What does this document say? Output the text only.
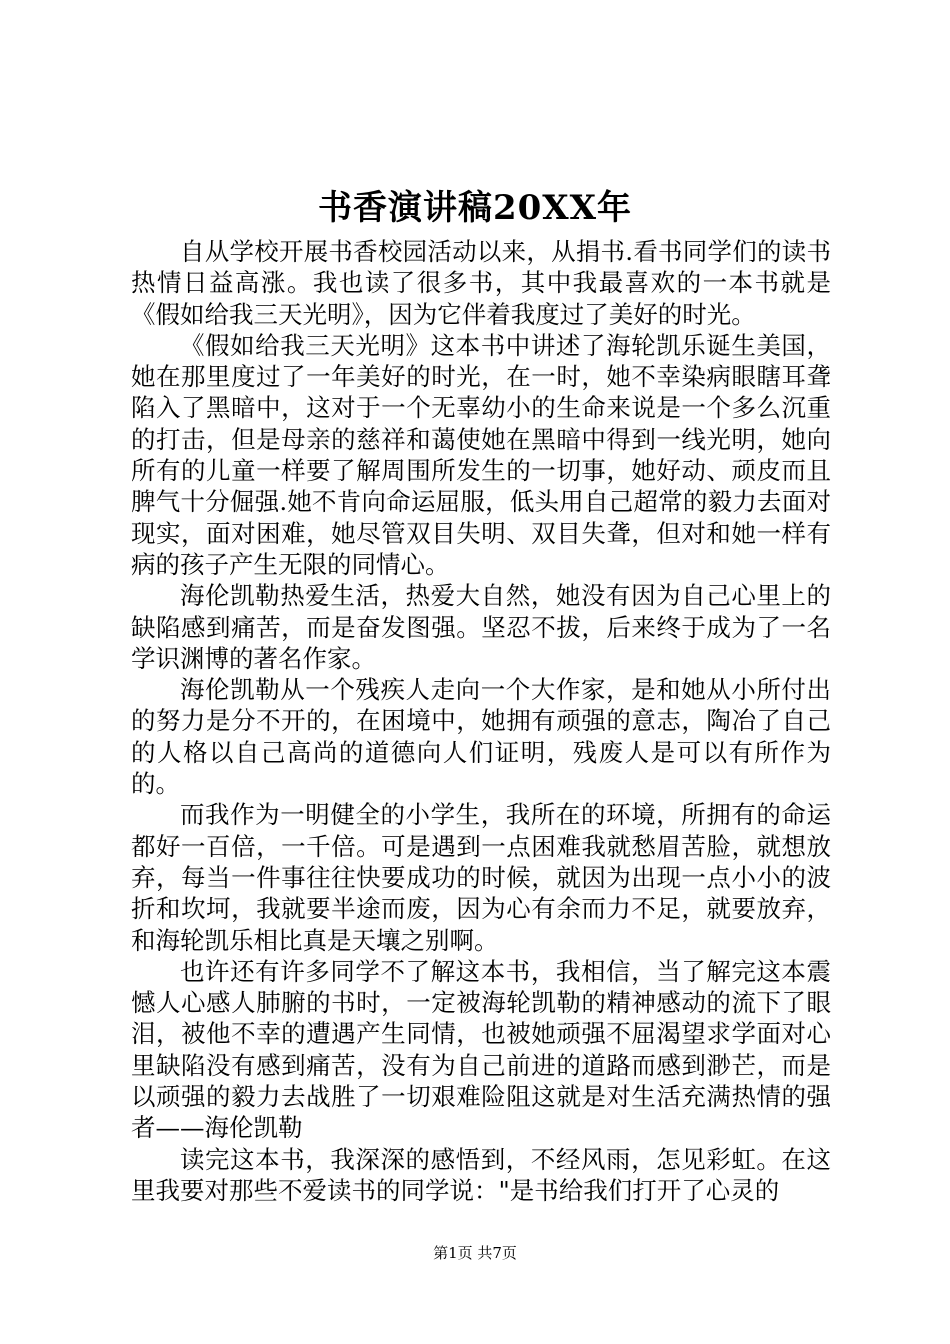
书香演讲稿20XX年

自从学校开展书香校园活动以来，从捐书.看书同学们的读书热情日益高涨。我也读了很多书，其中我最喜欢的一本书就是《假如给我三天光明》，因为它伴着我度过了美好的时光。

《假如给我三天光明》这本书中讲述了海轮凯乐诞生美国，她在那里度过了一年美好的时光，在一时，她不幸染病眼瞎耳聋陷入了黑暗中，这对于一个无辜幼小的生命来说是一个多么沉重的打击，但是母亲的慈祥和蔼使她在黑暗中得到一线光明，她向所有的儿童一样要了解周围所发生的一切事，她好动、顽皮而且脾气十分倔强.她不肯向命运屈服，低头用自己超常的毅力去面对现实，面对困难，她尽管双目失明、双目失聋，但对和她一样有病的孩子产生无限的同情心。

海伦凯勒热爱生活，热爱大自然，她没有因为自己心里上的缺陷感到痛苦，而是奋发图强。坚忍不拔，后来终于成为了一名学识渊博的著名作家。

海伦凯勒从一个残疾人走向一个大作家，是和她从小所付出的努力是分不开的，在困境中，她拥有顽强的意志，陶冶了自己的人格以自己高尚的道德向人们证明，残废人是可以有所作为的。

而我作为一明健全的小学生，我所在的环境，所拥有的命运都好一百倍，一千倍。可是遇到一点困难我就愁眉苦脸，就想放弃，每当一件事往往快要成功的时候，就因为出现一点小小的波折和坎坷，我就要半途而废，因为心有余而力不足，就要放弃，和海轮凯乐相比真是天壤之别啊。

也许还有许多同学不了解这本书，我相信，当了解完这本震憾人心感人肺腑的书时，一定被海轮凯勒的精神感动的流下了眼泪，被他不幸的遭遇产生同情，也被她顽强不屈渴望求学面对心里缺陷没有感到痛苦，没有为自己前进的道路而感到渺芒，而是以顽强的毅力去战胜了一切艰难险阻这就是对生活充满热情的强者——海伦凯勒

读完这本书，我深深的感悟到，不经风雨，怎见彩虹。在这里我要对那些不爱读书的同学说："是书给我们打开了心灵的

第1页 共7页
